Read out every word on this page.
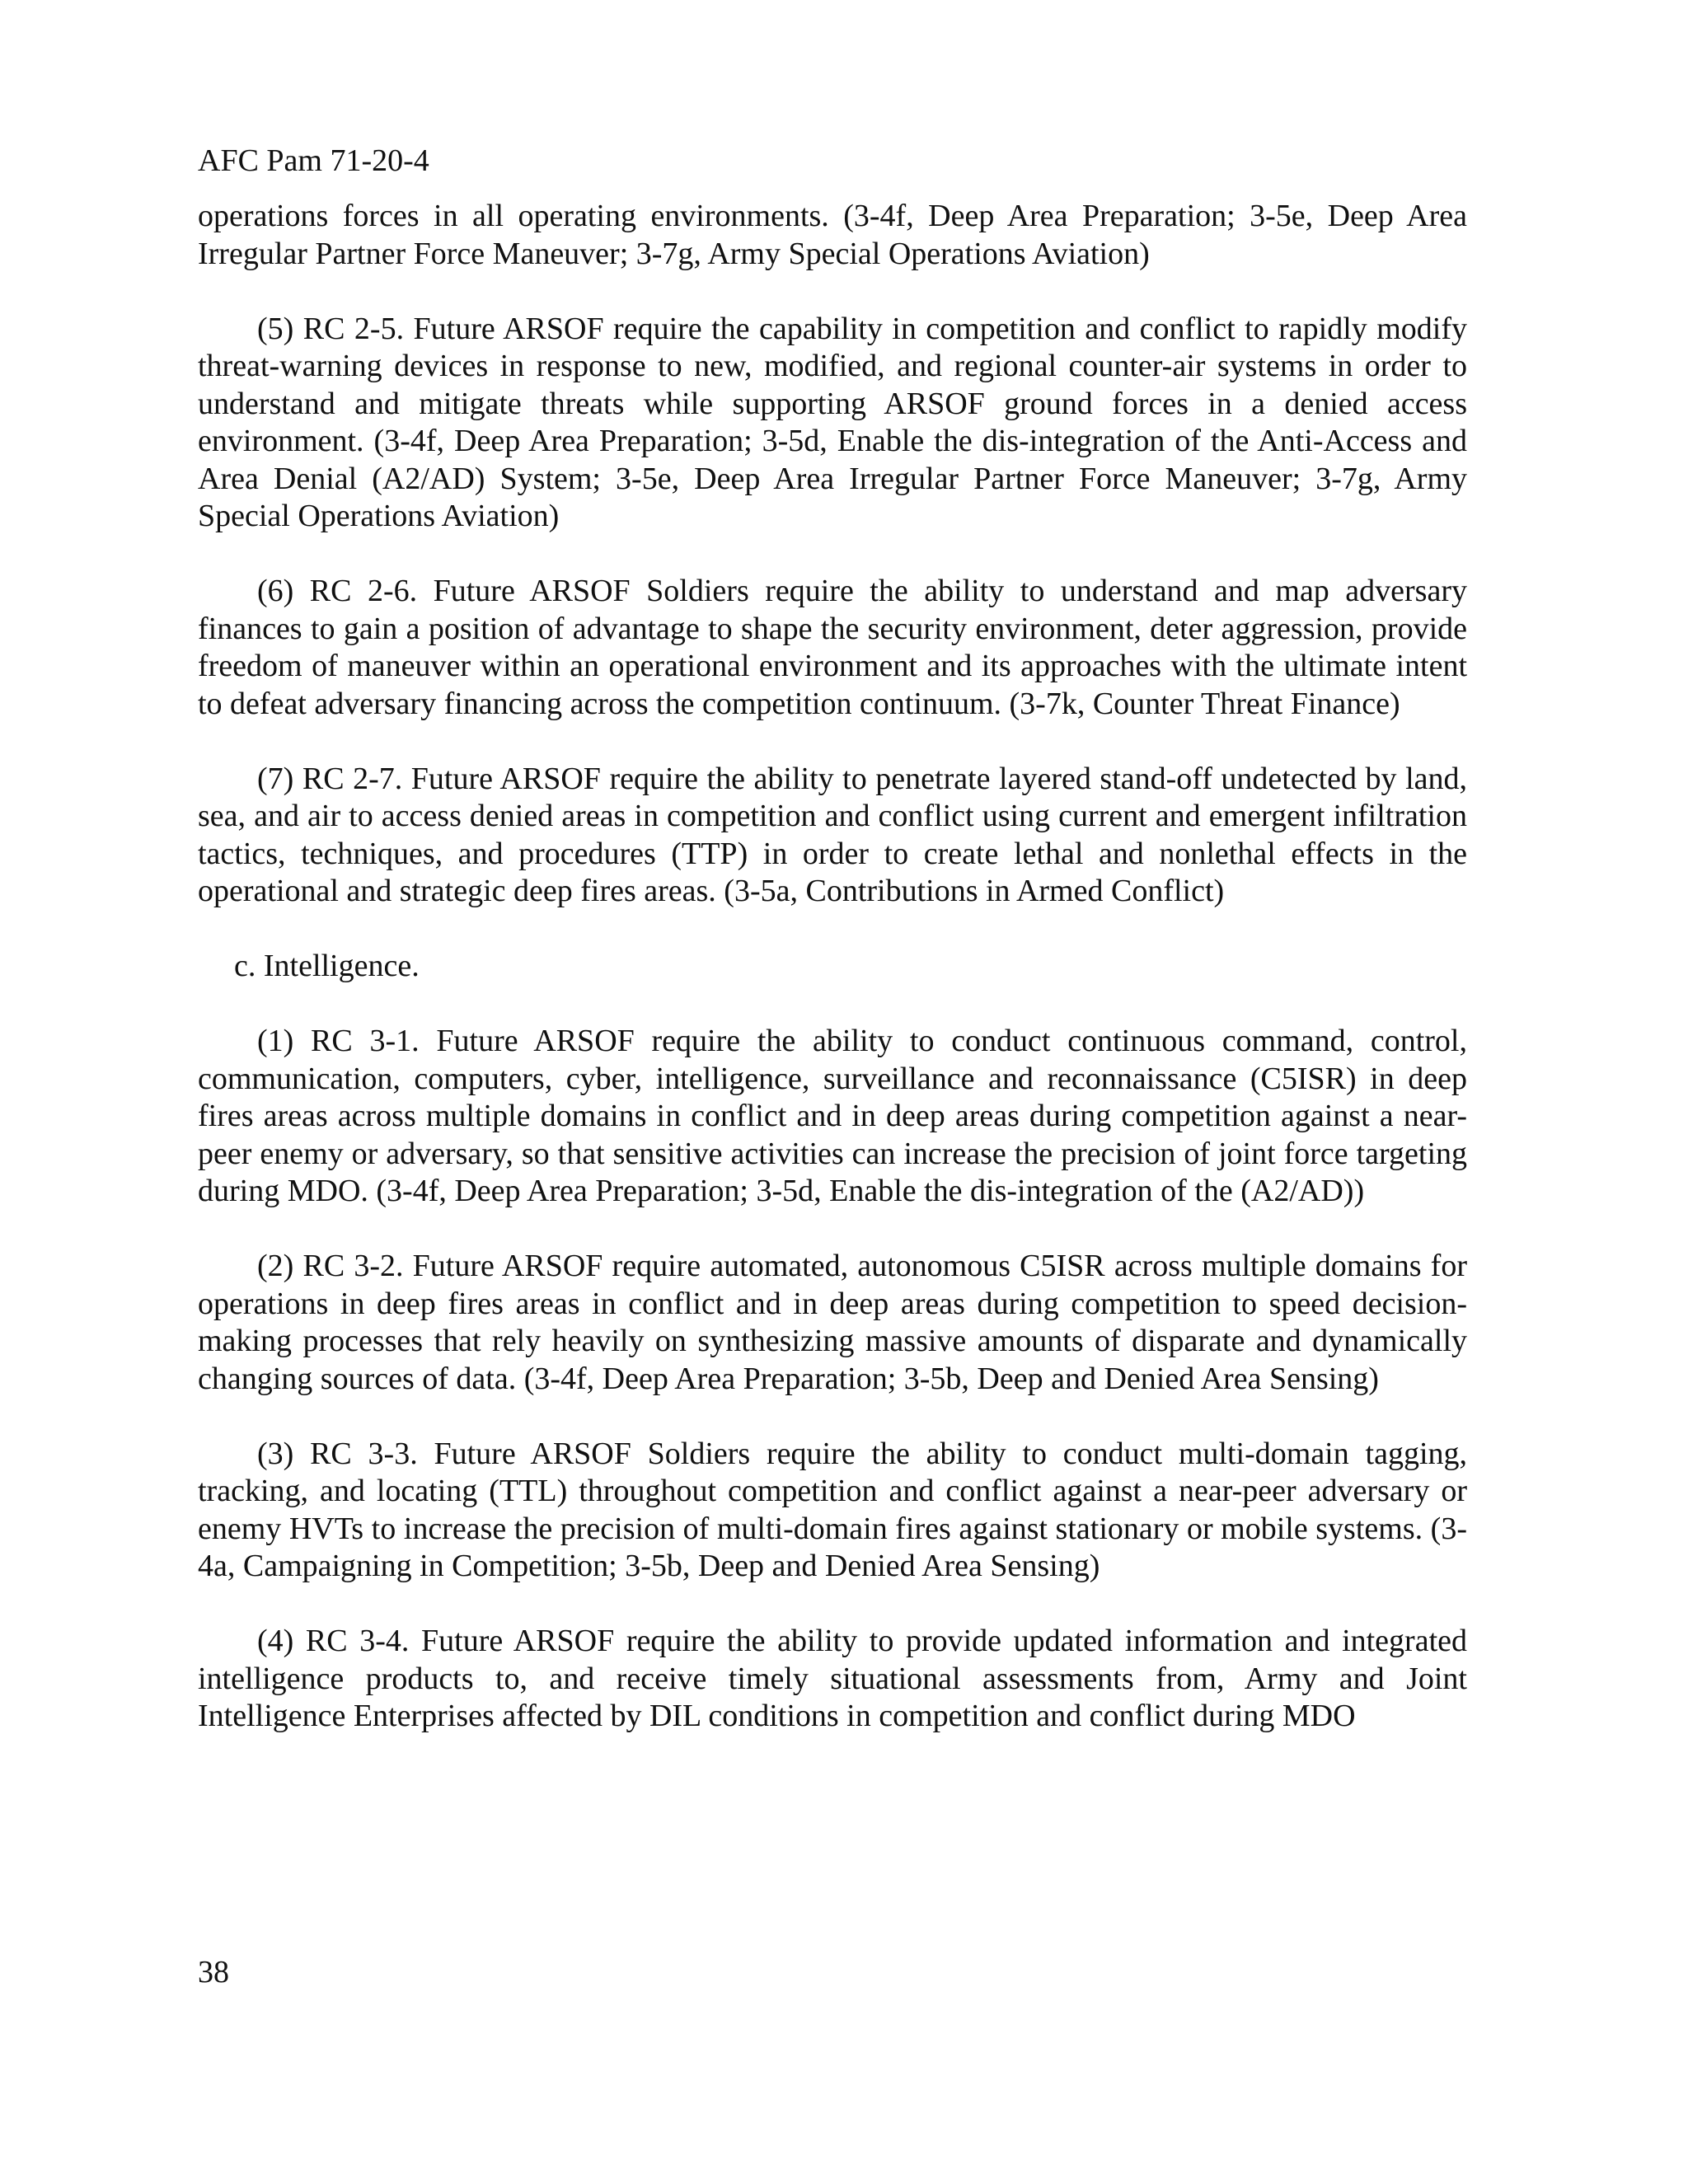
AFC Pam 71-20-4

operations forces in all operating environments. (3-4f, Deep Area Preparation; 3-5e, Deep Area Irregular Partner Force Maneuver; 3-7g, Army Special Operations Aviation)

(5) RC 2-5. Future ARSOF require the capability in competition and conflict to rapidly modify threat-warning devices in response to new, modified, and regional counter-air systems in order to understand and mitigate threats while supporting ARSOF ground forces in a denied access environment. (3-4f, Deep Area Preparation; 3-5d, Enable the dis-integration of the Anti-Access and Area Denial (A2/AD) System; 3-5e, Deep Area Irregular Partner Force Maneuver; 3-7g, Army Special Operations Aviation)

(6) RC 2-6. Future ARSOF Soldiers require the ability to understand and map adversary finances to gain a position of advantage to shape the security environment, deter aggression, provide freedom of maneuver within an operational environment and its approaches with the ultimate intent to defeat adversary financing across the competition continuum. (3-7k, Counter Threat Finance)

(7) RC 2-7. Future ARSOF require the ability to penetrate layered stand-off undetected by land, sea, and air to access denied areas in competition and conflict using current and emergent infiltration tactics, techniques, and procedures (TTP) in order to create lethal and nonlethal effects in the operational and strategic deep fires areas. (3-5a, Contributions in Armed Conflict)

c. Intelligence.

(1) RC 3-1. Future ARSOF require the ability to conduct continuous command, control, communication, computers, cyber, intelligence, surveillance and reconnaissance (C5ISR) in deep fires areas across multiple domains in conflict and in deep areas during competition against a near-peer enemy or adversary, so that sensitive activities can increase the precision of joint force targeting during MDO. (3-4f, Deep Area Preparation; 3-5d, Enable the dis-integration of the (A2/AD))

(2) RC 3-2. Future ARSOF require automated, autonomous C5ISR across multiple domains for operations in deep fires areas in conflict and in deep areas during competition to speed decision-making processes that rely heavily on synthesizing massive amounts of disparate and dynamically changing sources of data. (3-4f, Deep Area Preparation; 3-5b, Deep and Denied Area Sensing)

(3) RC 3-3. Future ARSOF Soldiers require the ability to conduct multi-domain tagging, tracking, and locating (TTL) throughout competition and conflict against a near-peer adversary or enemy HVTs to increase the precision of multi-domain fires against stationary or mobile systems. (3-4a, Campaigning in Competition; 3-5b, Deep and Denied Area Sensing)

(4) RC 3-4. Future ARSOF require the ability to provide updated information and integrated intelligence products to, and receive timely situational assessments from, Army and Joint Intelligence Enterprises affected by DIL conditions in competition and conflict during MDO

38
